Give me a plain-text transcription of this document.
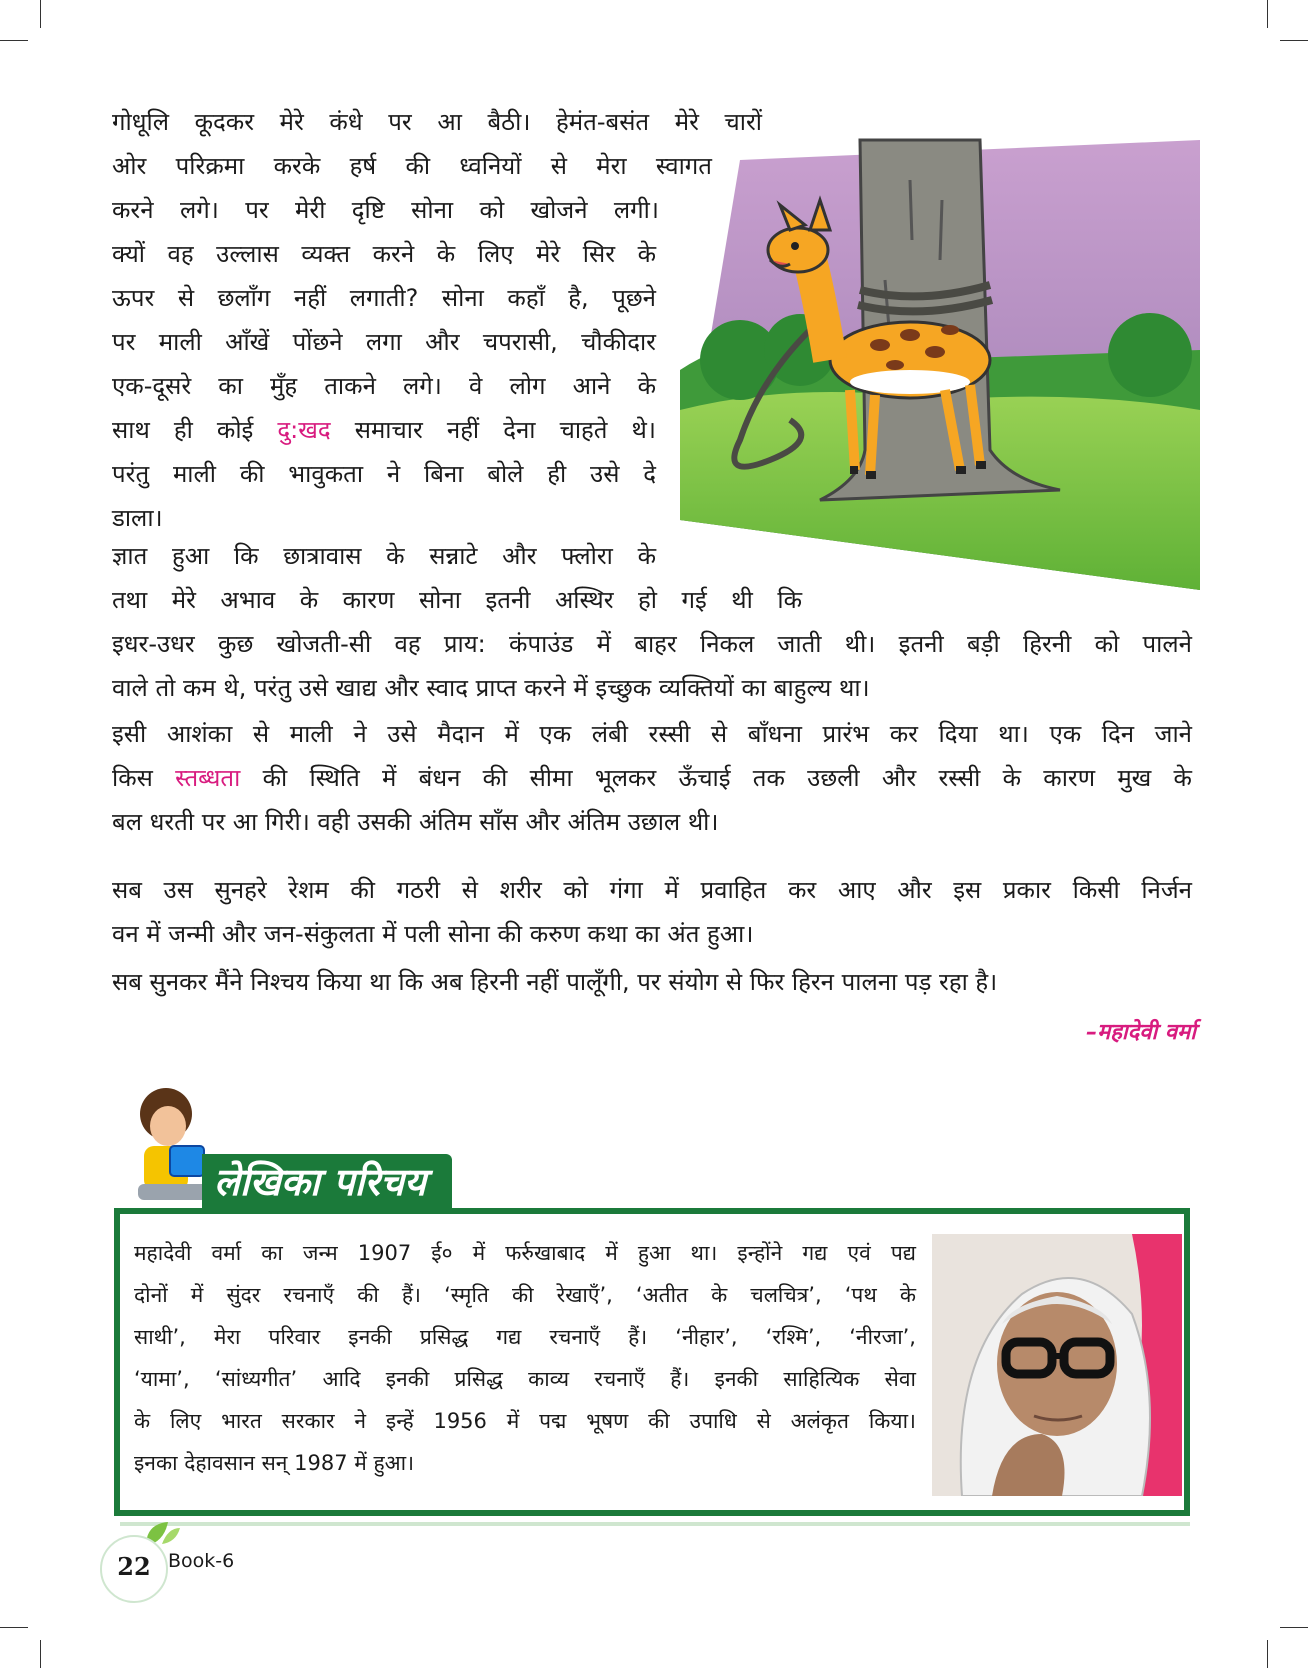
गोधूलि कूदकर मेरे कंधे पर आ बैठी। हेमंत-बसंत मेरे चारों
ओर परिक्रमा करके हर्ष की ध्वनियों से मेरा स्वागत
करने लगे। पर मेरी दृष्टि सोना को खोजने लगी।
क्यों वह उल्लास व्यक्त करने के लिए मेरे सिर के
ऊपर से छलाँग नहीं लगाती? सोना कहाँ है, पूछने
पर माली आँखें पोंछने लगा और चपरासी, चौकीदार
एक-दूसरे का मुँह ताकने लगे। वे लोग आने के
साथ ही कोई दु:खद समाचार नहीं देना चाहते थे।
परंतु माली की भावुकता ने बिना बोले ही उसे दे
डाला।
ज्ञात हुआ कि छात्रावास के सन्नाटे और फ्लोरा के
तथा मेरे अभाव के कारण सोना इतनी अस्थिर हो गई थी कि
इधर-उधर कुछ खोजती-सी वह प्राय: कंपाउंड में बाहर निकल जाती थी। इतनी बड़ी हिरनी को पालने
वाले तो कम थे, परंतु उसे खाद्य और स्वाद प्राप्त करने में इच्छुक व्यक्तियों का बाहुल्य था।
इसी आशंका से माली ने उसे मैदान में एक लंबी रस्सी से बाँधना प्रारंभ कर दिया था। एक दिन जाने
किस स्तब्धता की स्थिति में बंधन की सीमा भूलकर ऊँचाई तक उछली और रस्सी के कारण मुख के
बल धरती पर आ गिरी। वही उसकी अंतिम साँस और अंतिम उछाल थी।
सब उस सुनहरे रेशम की गठरी से शरीर को गंगा में प्रवाहित कर आए और इस प्रकार किसी निर्जन
वन में जन्मी और जन-संकुलता में पली सोना की करुण कथा का अंत हुआ।
सब सुनकर मैंने निश्चय किया था कि अब हिरनी नहीं पालूँगी, पर संयोग से फिर हिरन पालना पड़ रहा है।
–महादेवी वर्मा
लेखिका परिचय
महादेवी वर्मा का जन्म 1907 ई० में फर्रुखाबाद में हुआ था। इन्होंने गद्य एवं पद्य
दोनों में सुंदर रचनाएँ की हैं। ‘स्मृति की रेखाएँ’, ‘अतीत के चलचित्र’, ‘पथ के
साथी’, मेरा परिवार इनकी प्रसिद्ध गद्य रचनाएँ हैं। ‘नीहार’, ‘रश्मि’, ‘नीरजा’,
‘यामा’, ‘सांध्यगीत’ आदि इनकी प्रसिद्ध काव्य रचनाएँ हैं। इनकी साहित्यिक सेवा
के लिए भारत सरकार ने इन्हें 1956 में पद्म भूषण की उपाधि से अलंकृत किया।
इनका देहावसान सन् 1987 में हुआ।
22 Book-6
